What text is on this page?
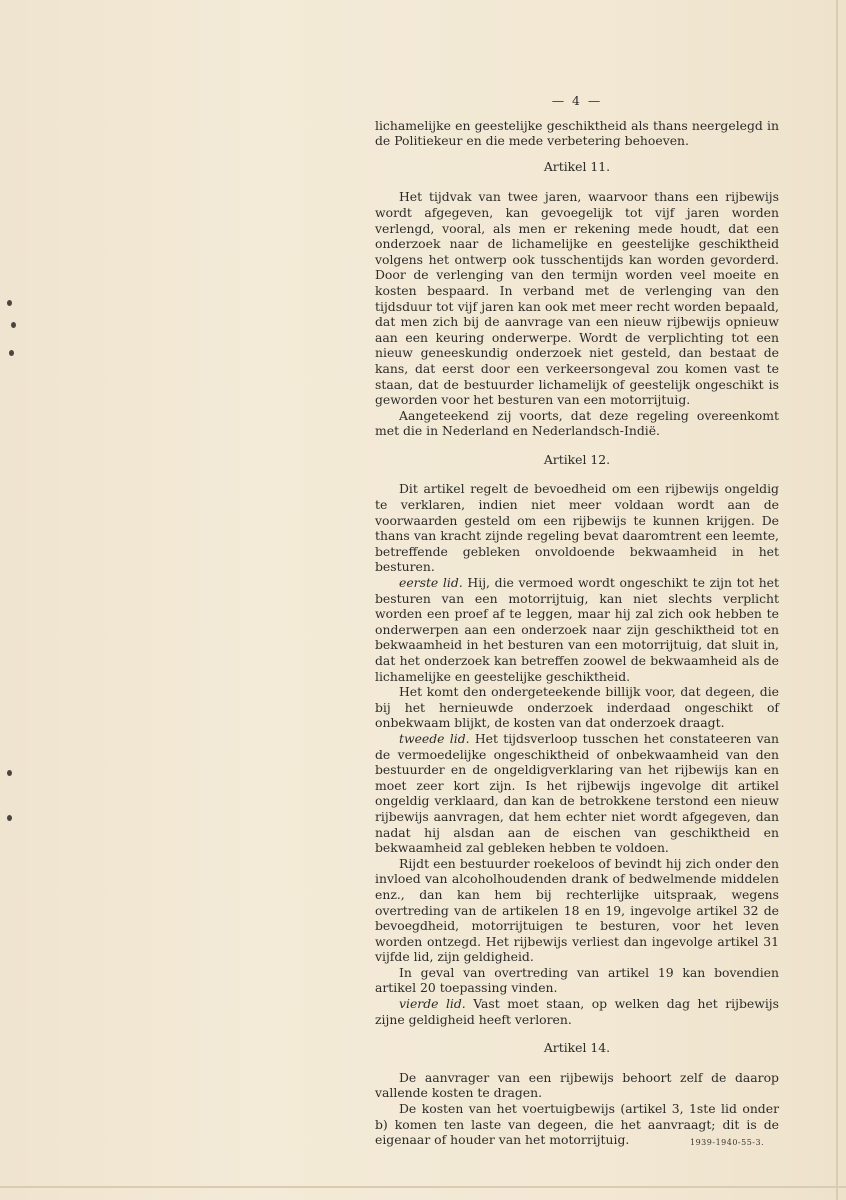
— 4 —

lichamelijke en geestelijke geschiktheid als thans neergelegd in de Politiekeur en die mede verbetering behoeven.

Artikel 11.

Het tijdvak van twee jaren, waarvoor thans een rijbewijs wordt afgegeven, kan gevoegelijk tot vijf jaren worden verlengd, vooral, als men er rekening mede houdt, dat een onderzoek naar de lichamelijke en geestelijke geschiktheid volgens het ontwerp ook tusschentijds kan worden gevorderd. Door de verlenging van den termijn worden veel moeite en kosten bespaard. In verband met de verlenging van den tijdsduur tot vijf jaren kan ook met meer recht worden bepaald, dat men zich bij de aanvrage van een nieuw rijbewijs opnieuw aan een keuring onderwerpe. Wordt de verplichting tot een nieuw geneeskundig onderzoek niet gesteld, dan bestaat de kans, dat eerst door een verkeersongeval zou komen vast te staan, dat de bestuurder lichamelijk of geestelijk ongeschikt is geworden voor het besturen van een motorrijtuig.

Aangeteekend zij voorts, dat deze regeling overeenkomt met die in Nederland en Nederlandsch-Indië.

Artikel 12.

Dit artikel regelt de bevoedheid om een rijbewijs ongeldig te verklaren, indien niet meer voldaan wordt aan de voorwaarden gesteld om een rijbewijs te kunnen krijgen. De thans van kracht zijnde regeling bevat daaromtrent een leemte, betreffende gebleken onvoldoende bekwaamheid in het besturen.

eerste lid. Hij, die vermoed wordt ongeschikt te zijn tot het besturen van een motorrijtuig, kan niet slechts verplicht worden een proef af te leggen, maar hij zal zich ook hebben te onderwerpen aan een onderzoek naar zijn geschiktheid tot en bekwaamheid in het besturen van een motorrijtuig, dat sluit in, dat het onderzoek kan betreffen zoowel de bekwaamheid als de lichamelijke en geestelijke geschiktheid.

Het komt den ondergeteekende billijk voor, dat degeen, die bij het hernieuwde onderzoek inderdaad ongeschikt of onbekwaam blijkt, de kosten van dat onderzoek draagt.

tweede lid. Het tijdsverloop tusschen het constateeren van de vermoedelijke ongeschiktheid of onbekwaamheid van den bestuurder en de ongeldigverklaring van het rijbewijs kan en moet zeer kort zijn. Is het rijbewijs ingevolge dit artikel ongeldig verklaard, dan kan de betrokkene terstond een nieuw rijbewijs aanvragen, dat hem echter niet wordt afgegeven, dan nadat hij alsdan aan de eischen van geschiktheid en bekwaamheid zal gebleken hebben te voldoen.

Rijdt een bestuurder roekeloos of bevindt hij zich onder den invloed van alcoholhoudenden drank of bedwelmende middelen enz., dan kan hem bij rechterlijke uitspraak, wegens overtreding van de artikelen 18 en 19, ingevolge artikel 32 de bevoegdheid, motorrijtuigen te besturen, voor het leven worden ontzegd. Het rijbewijs verliest dan ingevolge artikel 31 vijfde lid, zijn geldigheid.

In geval van overtreding van artikel 19 kan bovendien artikel 20 toepassing vinden.

vierde lid. Vast moet staan, op welken dag het rijbewijs zijne geldigheid heeft verloren.

Artikel 14.

De aanvrager van een rijbewijs behoort zelf de daarop vallende kosten te dragen.

De kosten van het voertuigbewijs (artikel 3, 1ste lid onder b) komen ten laste van degeen, die het aanvraagt; dit is de eigenaar of houder van het motorrijtuig.	1939-1940-55-3.
